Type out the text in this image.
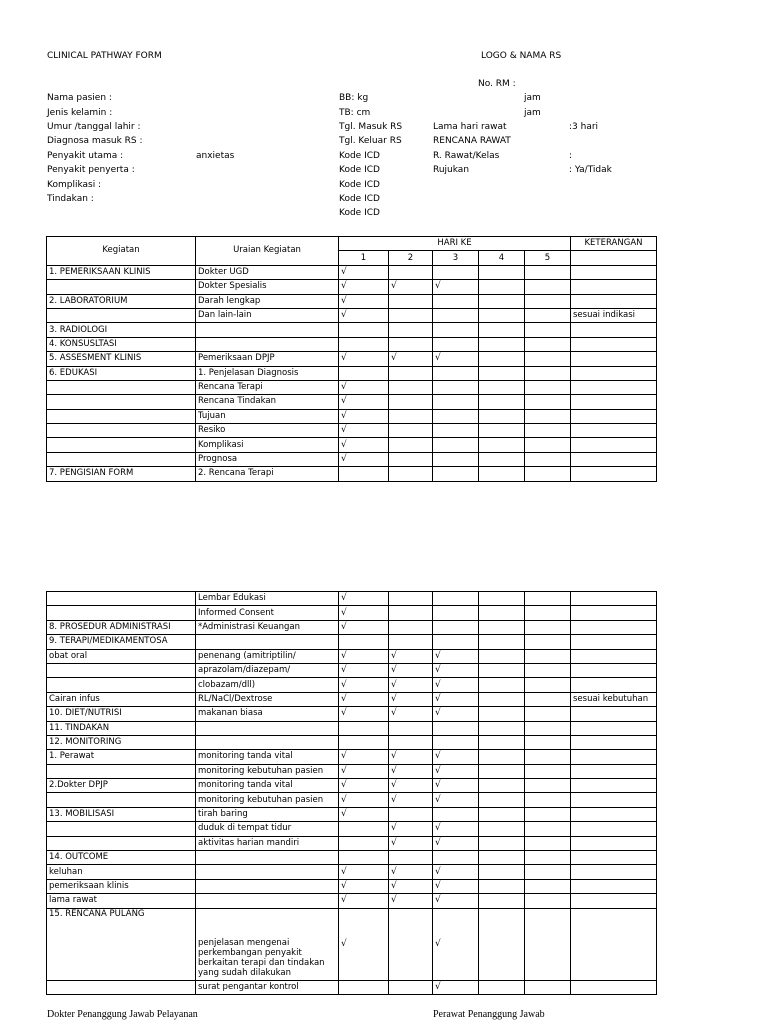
CLINICAL PATHWAY FORM	LOGO & NAMA RS
No. RM :
Nama pasien :
Jenis kelamin :
Umur /tanggal lahir :
Diagnosa masuk RS :
Penyakit utama :	anxietas
Penyakit penyerta :
Komplikasi :
Tindakan :
BB: kg
TB: cm
Tgl. Masuk RS
Tgl. Keluar RS
Kode ICD
Kode ICD
Kode ICD
Kode ICD
Kode ICD
jam
jam
Lama hari rawat	:3 hari
RENCANA RAWAT
R. Rawat/Kelas	:
Rujukan	: Ya/Tidak
Kegiatan	Uraian Kegiatan	HARI KE					KETERANGAN
		1	2	3	4	5	
1. PEMERIKSAAN KLINIS	Dokter UGD	√					
	Dokter Spesialis	√	√	√			
2. LABORATORIUM	Darah lengkap	√					
	Dan lain-lain	√					sesuai indikasi
3. RADIOLOGI							
4. KONSUSLTASI							
5. ASSESMENT KLINIS	Pemeriksaan DPJP	√	√	√			
6. EDUKASI	1. Penjelasan Diagnosis						
	Rencana Terapi	√					
	Rencana Tindakan	√					
	Tujuan	√					
	Resiko	√					
	Komplikasi	√					
	Prognosa	√					
7. PENGISIAN FORM	2. Rencana Terapi						
	Lembar Edukasi	√					
	Informed Consent	√					
8. PROSEDUR ADMINISTRASI	*Administrasi Keuangan	√					
9. TERAPI/MEDIKAMENTOSA							
obat oral	penenang (amitriptilin/	√	√	√			
	aprazolam/diazepam/	√	√	√			
	clobazam/dll)	√	√	√			
Cairan infus	RL/NaCl/Dextrose	√	√	√			sesuai kebutuhan
10. DIET/NUTRISI	makanan biasa	√	√	√			
11. TINDAKAN							
12. MONITORING							
1. Perawat	monitoring tanda vital	√	√	√			
	monitoring kebutuhan pasien	√	√	√			
2.Dokter DPJP	monitoring tanda vital	√	√	√			
	monitoring kebutuhan pasien	√	√	√			
13. MOBILISASI	tirah baring	√					
	duduk di tempat tidur		√	√			
	aktivitas harian mandiri		√	√			
14. OUTCOME							
keluhan		√	√	√			
pemeriksaan klinis		√	√	√			
lama rawat		√	√	√			
15. RENCANA PULANG	penjelasan mengenai perkembangan penyakit berkaitan terapi dan tindakan yang sudah dilakukan	√		√			
	surat pengantar kontrol			√			
Dokter Penanggung Jawab Pelayanan	Perawat Penanggung Jawab
